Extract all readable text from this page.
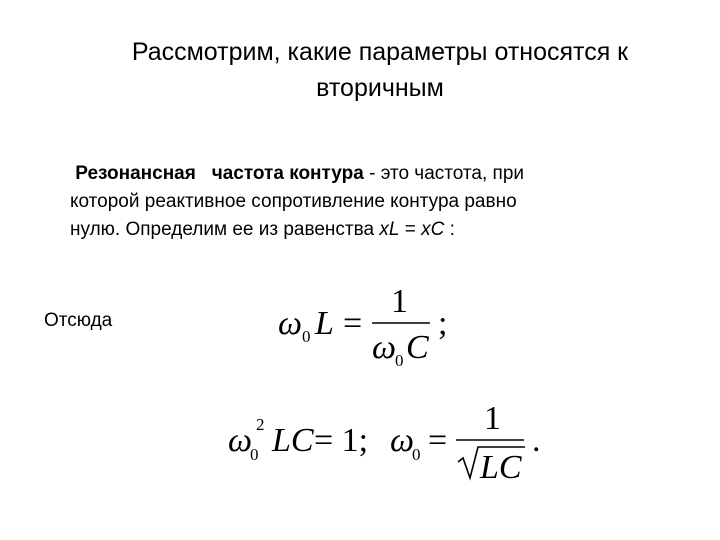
Рассмотрим, какие параметры относятся к
вторичным
Резонансная частота контура - это частота, при
которой реактивное сопротивление контура равно
нулю. Определим ее из равенства xL = xC :
Отсюда	ω 0 L =
1
ω
0 C
;
ω 2
0 LC = 1; ω
0 =
1
LC
.
